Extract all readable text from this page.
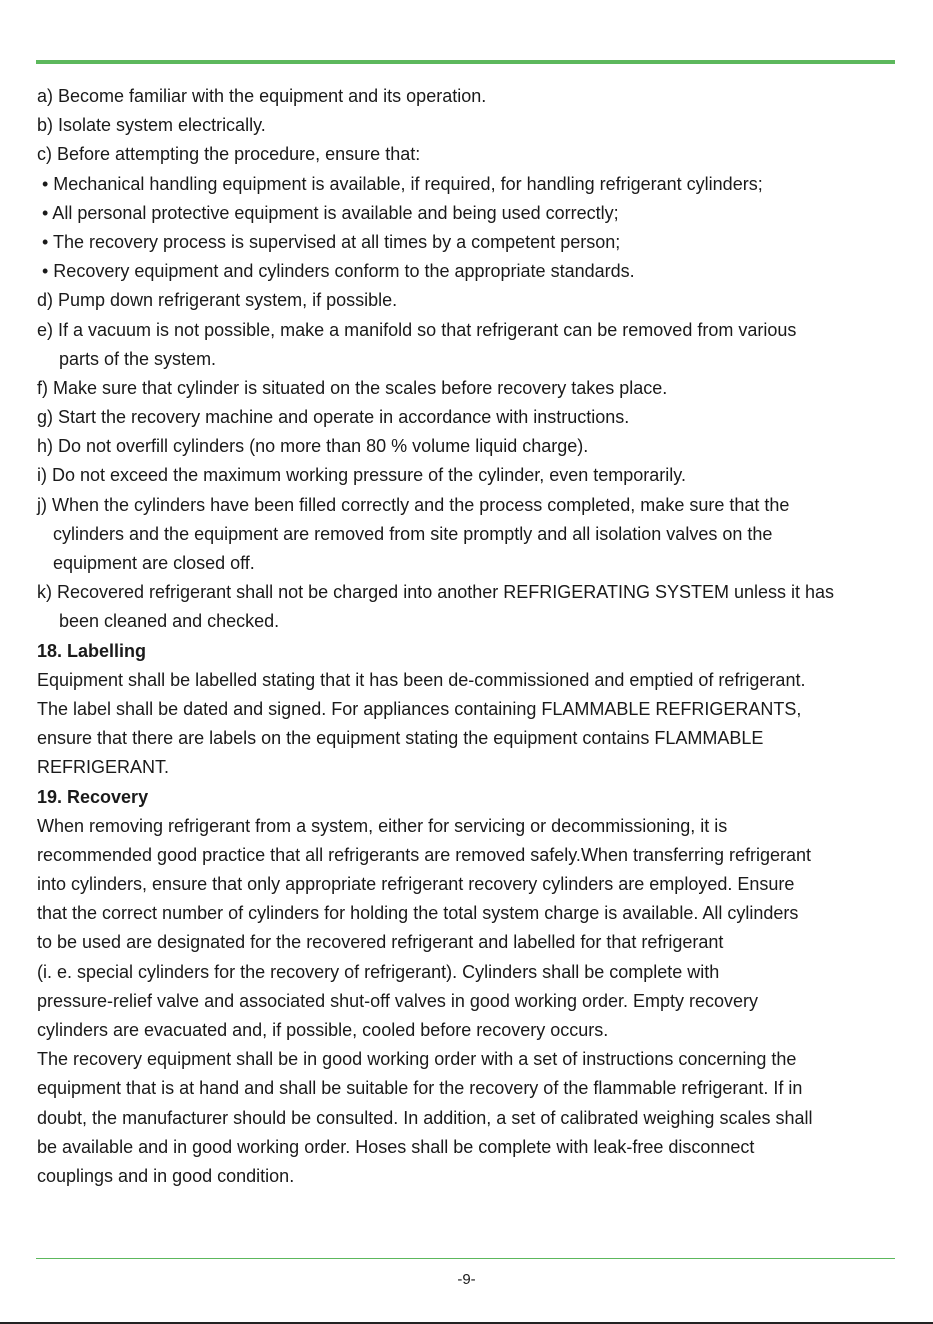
a) Become familiar with the equipment and its operation.
b) Isolate system electrically.
c) Before attempting the procedure, ensure that:
• Mechanical handling equipment is available, if required, for handling refrigerant cylinders;
• All personal protective equipment is available and being used correctly;
• The recovery process is supervised at all times by a competent person;
• Recovery equipment and cylinders conform to the appropriate standards.
d) Pump down refrigerant system, if possible.
e) If a vacuum is not possible, make a manifold so that refrigerant can be removed from various
parts of the system.
f) Make sure that cylinder is situated on the scales before recovery takes place.
g) Start the recovery machine and operate in accordance with instructions.
h) Do not overfill cylinders (no more than 80 % volume liquid charge).
i) Do not exceed the maximum working pressure of the cylinder, even temporarily.
j) When the cylinders have been filled correctly and the process completed, make sure that the
cylinders and the equipment are removed from site promptly and all isolation valves on the
equipment are closed off.
k) Recovered refrigerant shall not be charged into another REFRIGERATING SYSTEM unless it has
been cleaned and checked.
18. Labelling
Equipment shall be labelled stating that it has been de-commissioned and emptied of refrigerant.
The label shall be dated and signed. For appliances containing FLAMMABLE REFRIGERANTS,
ensure that there are labels on the equipment stating the equipment contains FLAMMABLE
REFRIGERANT.
19. Recovery
When removing refrigerant from a system, either for servicing or decommissioning, it is
recommended good practice that all refrigerants are removed safely.When transferring refrigerant
into cylinders, ensure that only appropriate refrigerant recovery cylinders are employed. Ensure
that the correct number of cylinders for holding the total system charge is available. All cylinders
to be used are designated for the recovered refrigerant and labelled for that refrigerant
(i. e. special cylinders for the recovery of refrigerant). Cylinders shall be complete with
pressure-relief valve and associated shut-off valves in good working order. Empty recovery
cylinders are evacuated and, if possible, cooled before recovery occurs.
The recovery equipment shall be in good working order with a set of instructions concerning the
equipment that is at hand and shall be suitable for the recovery of the flammable refrigerant. If in
doubt, the manufacturer should be consulted. In addition, a set of calibrated weighing scales shall
be available and in good working order. Hoses shall be complete with leak-free disconnect
couplings and in good condition.
-9-
